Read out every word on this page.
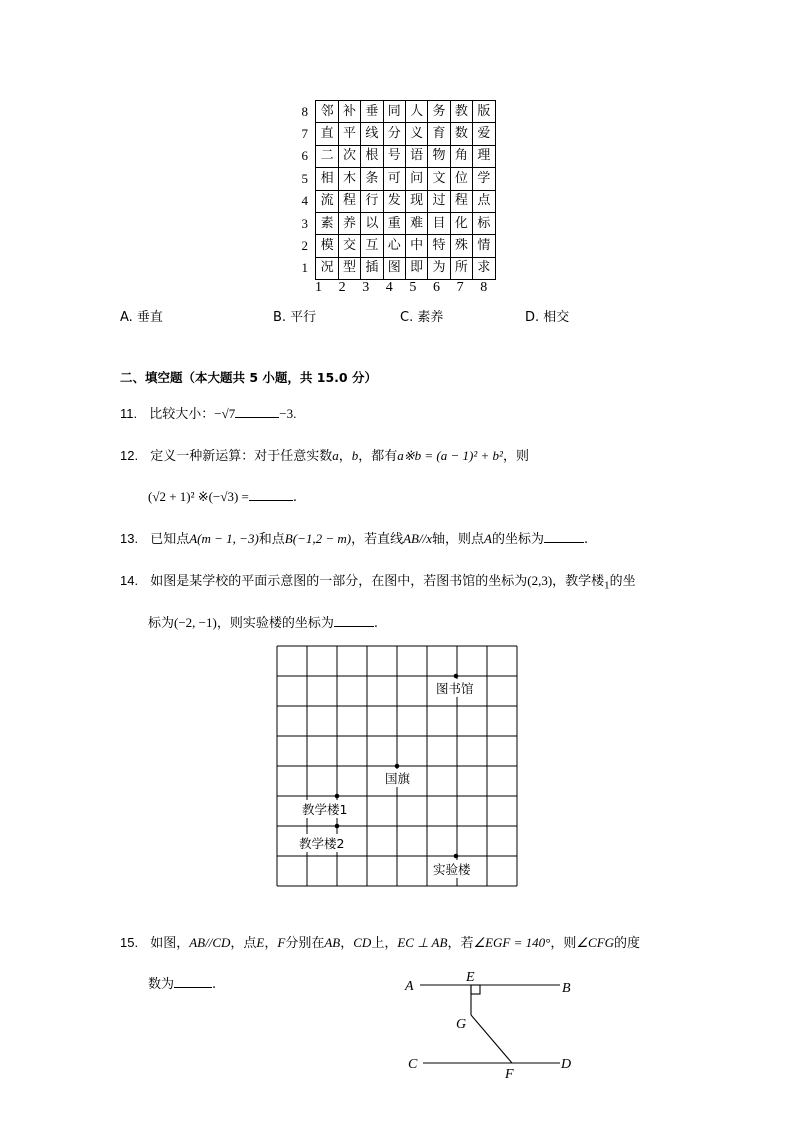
8	邻	补	垂	同	人	务	教	版
7	直	平	线	分	义	育	数	爱
6	二	次	根	号	语	物	角	理
5	相	木	条	可	问	文	位	学
4	流	程	行	发	现	过	程	点
3	素	养	以	重	难	目	化	标
2	模	交	互	心	中	特	殊	情
1	况	型	插	图	即	为	所	求
1 2 3 4 5 6 7 8
A. 垂直	B. 平行	C. 素养	D. 相交
二、填空题（本大题共 5 小题，共 15.0 分）
11. 比较大小：−√7	−3.
12. 定义一种新运算：对于任意实数a，b，都有a※b = (a − 1)² + b²，则
(√2 + 1)² ※(−√3) =	.
13. 已知点A(m − 1, −3)和点B(−1,2 − m)，若直线AB//x轴，则点A的坐标为	.
14. 如图是某学校的平面示意图的一部分，在图中，若图书馆的坐标为(2,3)，教学楼$_1$的坐
标为(−2, −1)，则实验楼的坐标为	.
图书馆
国旗
教学楼1
教学楼2
实验楼
15. 如图，AB//CD，点E，F分别在AB，CD上，EC ⊥ AB，若∠EGF = 140°，则∠CFG的度
数为	.	A	B
E
G
C	D
F
